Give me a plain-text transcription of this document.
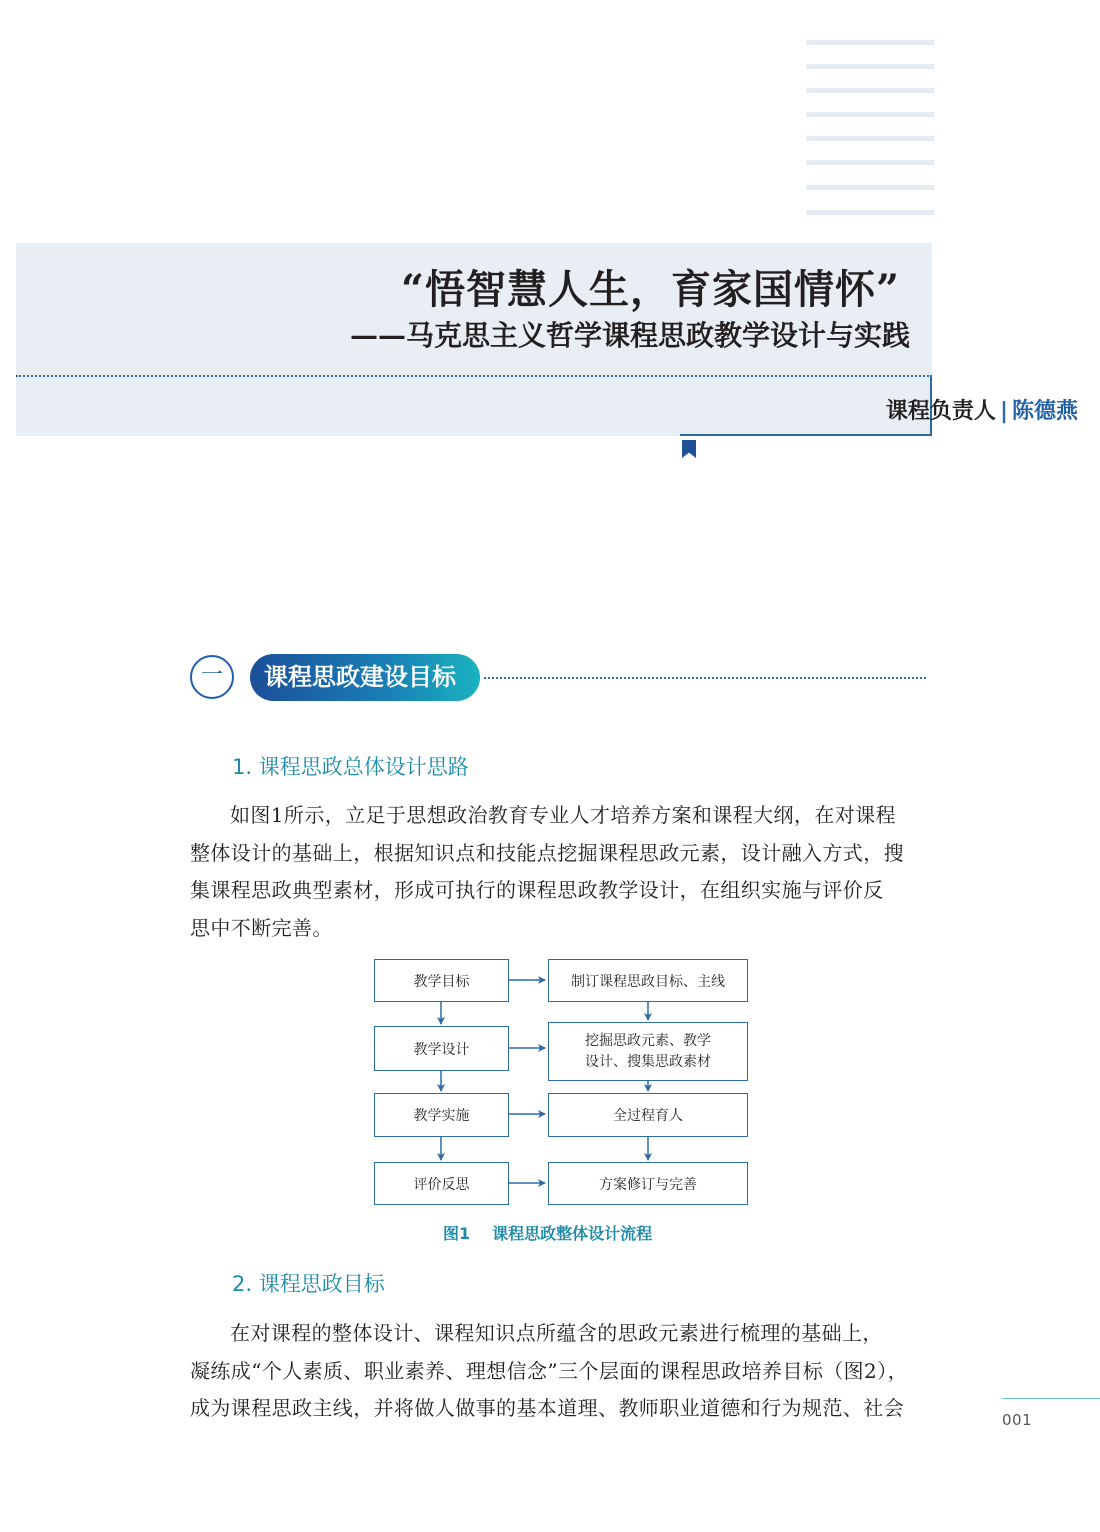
“悟智慧人生，育家国情怀”
——马克思主义哲学课程思政教学设计与实践
课程负责人 | 陈德燕
一	课程思政建设目标
1. 课程思政总体设计思路
如图1所示，立足于思想政治教育专业人才培养方案和课程大纲，在对课程
整体设计的基础上，根据知识点和技能点挖掘课程思政元素，设计融入方式，搜
集课程思政典型素材，形成可执行的课程思政教学设计，在组织实施与评价反
思中不断完善。
教学目标
教学设计
教学实施
评价反思
制订课程思政目标、主线
挖掘思政元素、教学
设计、搜集思政素材
全过程育人
方案修订与完善
图1 课程思政整体设计流程
2. 课程思政目标
在对课程的整体设计、课程知识点所蕴含的思政元素进行梳理的基础上，
凝练成“个人素质、职业素养、理想信念”三个层面的课程思政培养目标（图2），
成为课程思政主线，并将做人做事的基本道理、教师职业道德和行为规范、社会	001
